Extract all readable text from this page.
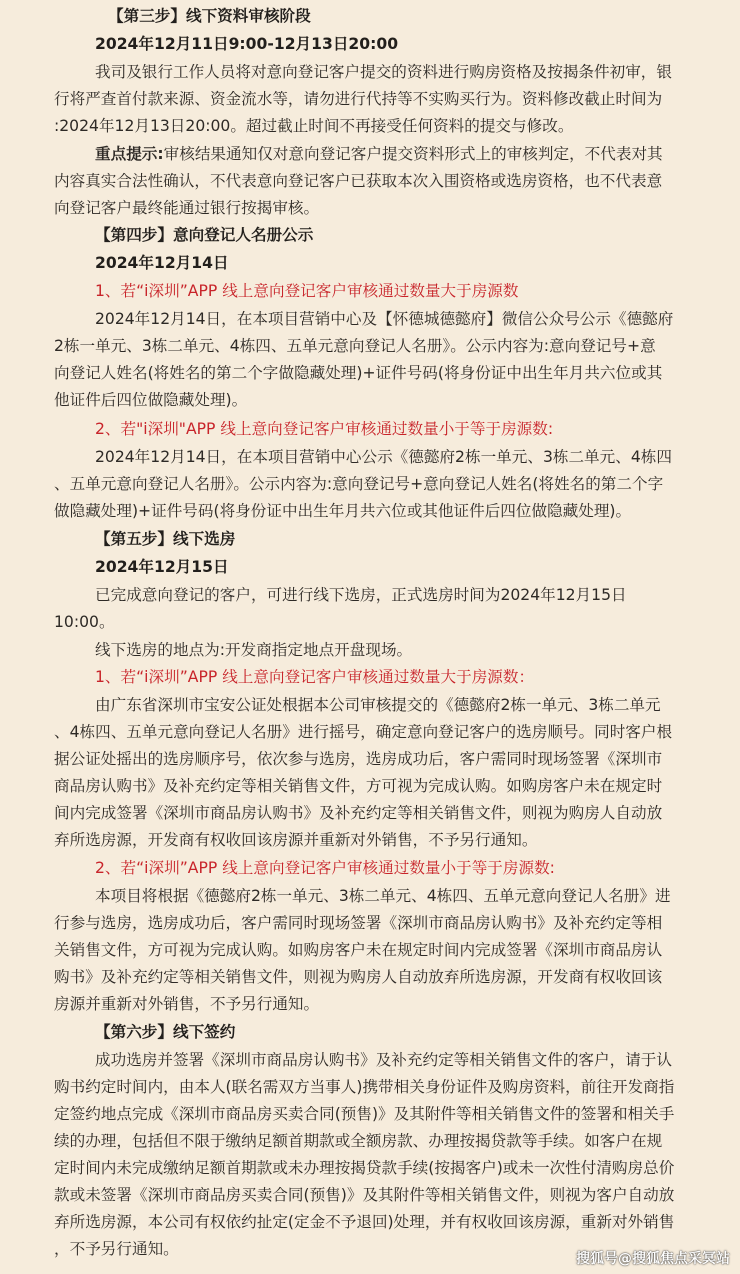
【第三步】线下资料审核阶段
2024年12月11日9:00-12月13日20:00
我司及银行工作人员将对意向登记客户提交的资料进行购房资格及按揭条件初审，银
行将严查首付款来源、资金流水等，请勿进行代持等不实购买行为。资料修改截止时间为
:2024年12月13日20:00。超过截止时间不再接受任何资料的提交与修改。
重点提示:审核结果通知仅对意向登记客户提交资料形式上的审核判定，不代表对其
内容真实合法性确认，不代表意向登记客户已获取本次入围资格或选房资格，也不代表意
向登记客户最终能通过银行按揭审核。
【第四步】意向登记人名册公示
2024年12月14日
1、若“i深圳”APP 线上意向登记客户审核通过数量大于房源数
2024年12月14日，在本项目营销中心及【怀德城德懿府】微信公众号公示《德懿府
2栋一单元、3栋二单元、4栋四、五单元意向登记人名册》。公示内容为:意向登记号+意
向登记人姓名(将姓名的第二个字做隐藏处理)+证件号码(将身份证中出生年月共六位或其
他证件后四位做隐藏处理)。
2、若"i深圳"APP 线上意向登记客户审核通过数量小于等于房源数:
2024年12月14日，在本项目营销中心公示《德懿府2栋一单元、3栋二单元、4栋四
、五单元意向登记人名册》。公示内容为:意向登记号+意向登记人姓名(将姓名的第二个字
做隐藏处理)+证件号码(将身份证中出生年月共六位或其他证件后四位做隐藏处理)。
【第五步】线下选房
2024年12月15日
已完成意向登记的客户，可进行线下选房，正式选房时间为2024年12月15日
10:00。
线下选房的地点为:开发商指定地点开盘现场。
1、若“i深圳”APP 线上意向登记客户审核通过数量大于房源数：
由广东省深圳市宝安公证处根据本公司审核提交的《德懿府2栋一单元、3栋二单元
、4栋四、五单元意向登记人名册》进行摇号，确定意向登记客户的选房顺号。同时客户根
据公证处摇出的选房顺序号，依次参与选房，选房成功后，客户需同时现场签署《深圳市
商品房认购书》及补充约定等相关销售文件，方可视为完成认购。如购房客户未在规定时
间内完成签署《深圳市商品房认购书》及补充约定等相关销售文件，则视为购房人自动放
弃所选房源，开发商有权收回该房源并重新对外销售，不予另行通知。
2、若“i深圳”APP 线上意向登记客户审核通过数量小于等于房源数:
本项目将根据《德懿府2栋一单元、3栋二单元、4栋四、五单元意向登记人名册》进
行参与选房，选房成功后，客户需同时现场签署《深圳市商品房认购书》及补充约定等相
关销售文件，方可视为完成认购。如购房客户未在规定时间内完成签署《深圳市商品房认
购书》及补充约定等相关销售文件，则视为购房人自动放弃所选房源，开发商有权收回该
房源并重新对外销售，不予另行通知。
【第六步】线下签约
成功选房并签署《深圳市商品房认购书》及补充约定等相关销售文件的客户，请于认
购书约定时间内，由本人(联名需双方当事人)携带相关身份证件及购房资料，前往开发商指
定签约地点完成《深圳市商品房买卖合同(预售)》及其附件等相关销售文件的签署和相关手
续的办理，包括但不限于缴纳足额首期款或全额房款、办理按揭贷款等手续。如客户在规
定时间内未完成缴纳足额首期款或未办理按揭贷款手续(按揭客户)或未一次性付清购房总价
款或未签署《深圳市商品房买卖合同(预售)》及其附件等相关销售文件，则视为客户自动放
弃所选房源，本公司有权依约扯定(定金不予退回)处理，并有权收回该房源，重新对外销售
，不予另行通知。
搜狐号@搜狐焦点采冥站
